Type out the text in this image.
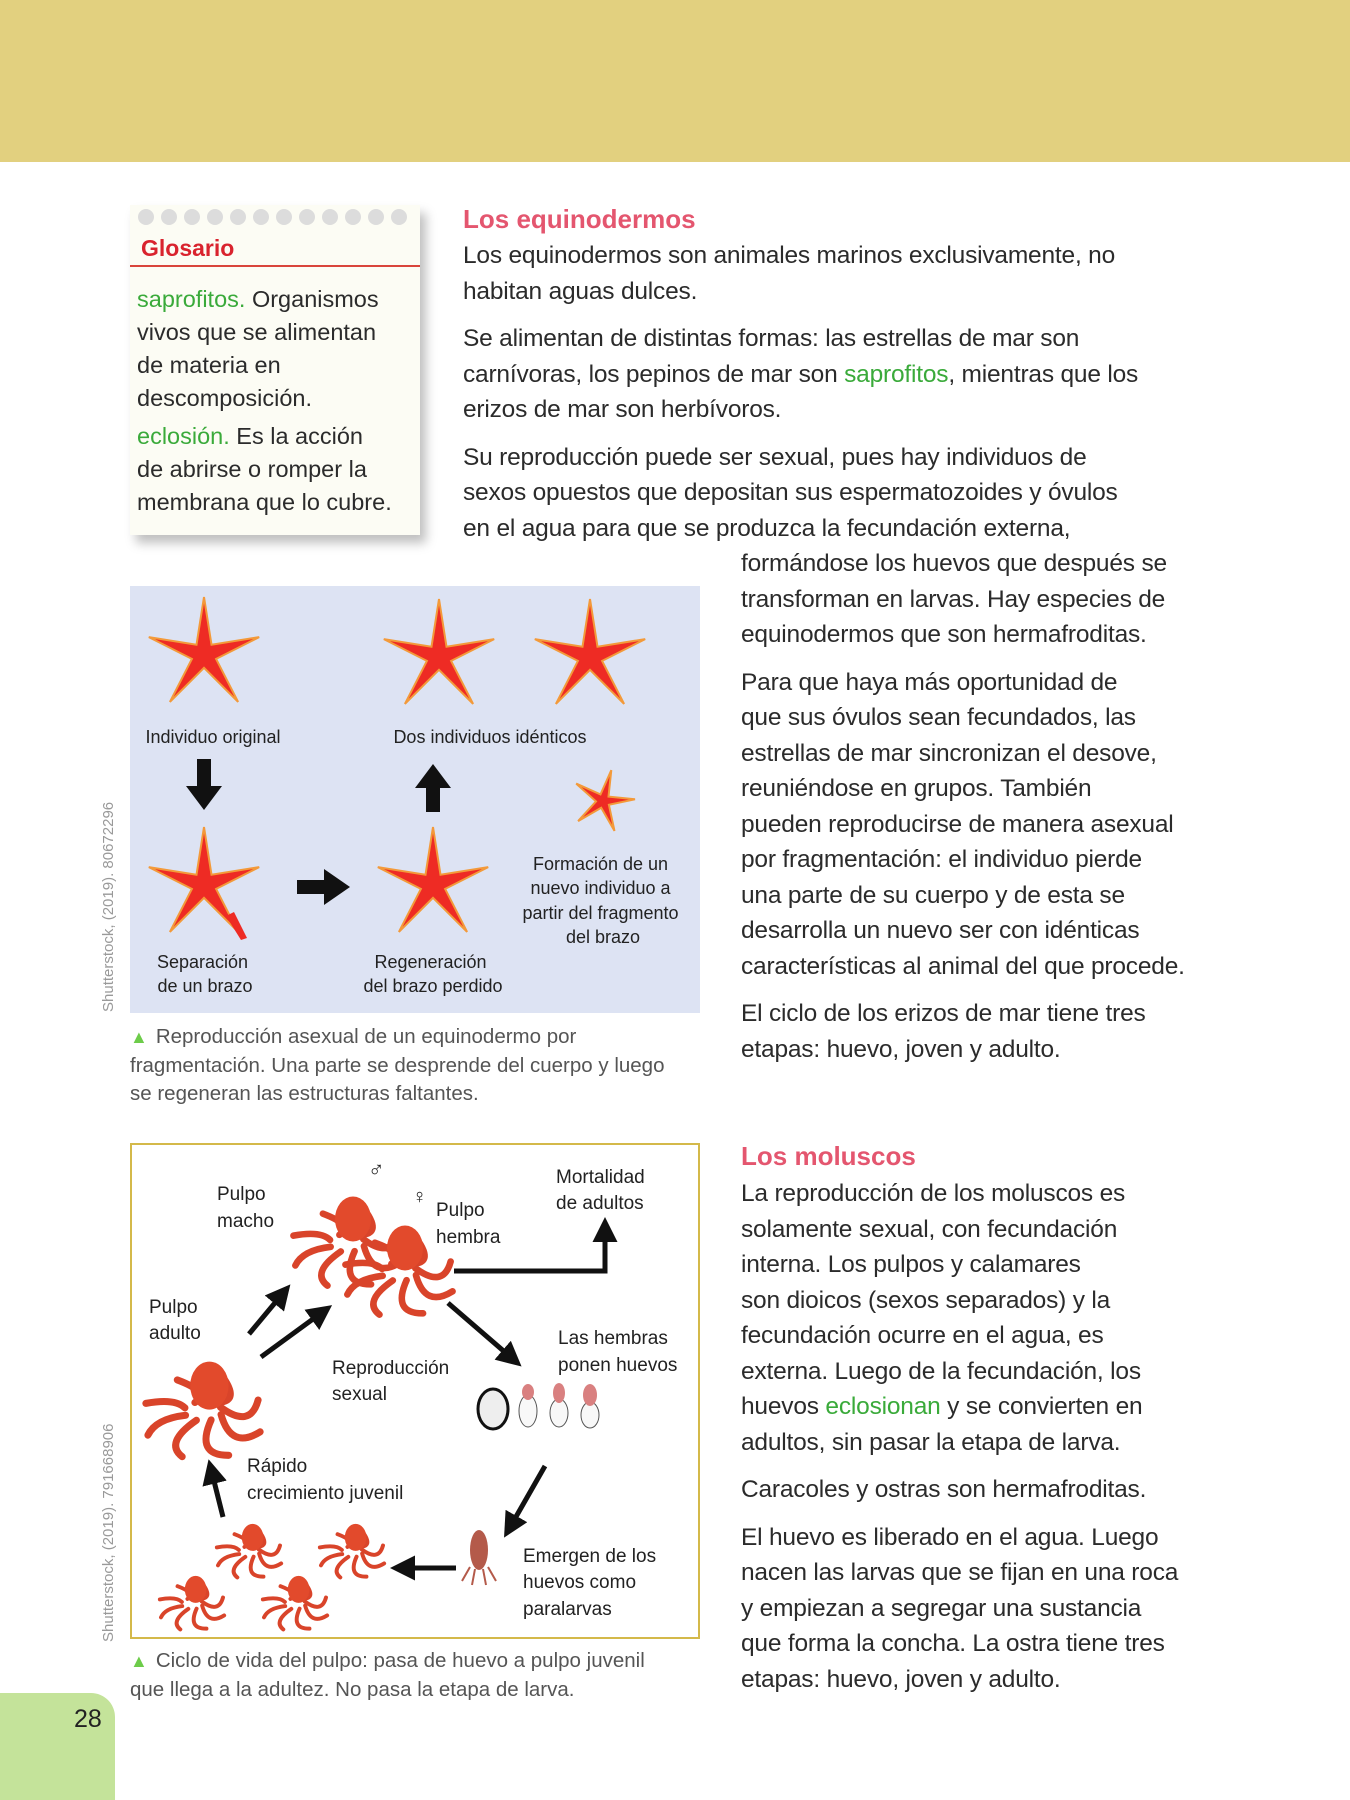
Glosario
saprofitos. Organismos
vivos que se alimentan
de materia en
descomposición.
eclosión. Es la acción
de abrirse o romper la
membrana que lo cubre.
Los equinodermos
Los equinodermos son animales marinos exclusivamente, no
habitan aguas dulces.
Se alimentan de distintas formas: las estrellas de mar son
carnívoras, los pepinos de mar son saprofitos, mientras que los
erizos de mar son herbívoros.
Su reproducción puede ser sexual, pues hay individuos de
sexos opuestos que depositan sus espermatozoides y óvulos
en el agua para que se produzca la fecundación externa,
formándose los huevos que después se
transforman en larvas. Hay especies de
equinodermos que son hermafroditas.
Para que haya más oportunidad de
que sus óvulos sean fecundados, las
estrellas de mar sincronizan el desove,
reuniéndose en grupos. También
pueden reproducirse de manera asexual
por fragmentación: el individuo pierde
una parte de su cuerpo y de esta se
desarrolla un nuevo ser con idénticas
características al animal del que procede.
El ciclo de los erizos de mar tiene tres
etapas: huevo, joven y adulto.
Los moluscos
La reproducción de los moluscos es
solamente sexual, con fecundación
interna. Los pulpos y calamares
son dioicos (sexos separados) y la
fecundación ocurre en el agua, es
externa. Luego de la fecundación, los
huevos eclosionan y se convierten en
adultos, sin pasar la etapa de larva.
Caracoles y ostras son hermafroditas.
El huevo es liberado en el agua. Luego
nacen las larvas que se fijan en una roca
y empiezan a segregar una sustancia
que forma la concha. La ostra tiene tres
etapas: huevo, joven y adulto.
Shutterstock, (2019). 80672296
Individuo original	Dos individuos idénticos
Formación de un nuevo individuo a partir del fragmento del brazo
Separación de un brazo
Regeneración del brazo perdido
▲ Reproducción asexual de un equinodermo por
fragmentación. Una parte se desprende del cuerpo y luego
se regeneran las estructuras faltantes.
Shutterstock, (2019). 791668906
♂
♀
Pulpo macho
Pulpo hembra
Mortalidad de adultos
Pulpo adulto
Reproducción sexual
Las hembras ponen huevos
Rápido crecimiento juvenil
Emergen de los huevos como paralarvas
▲ Ciclo de vida del pulpo: pasa de huevo a pulpo juvenil
que llega a la adultez. No pasa la etapa de larva.
28
